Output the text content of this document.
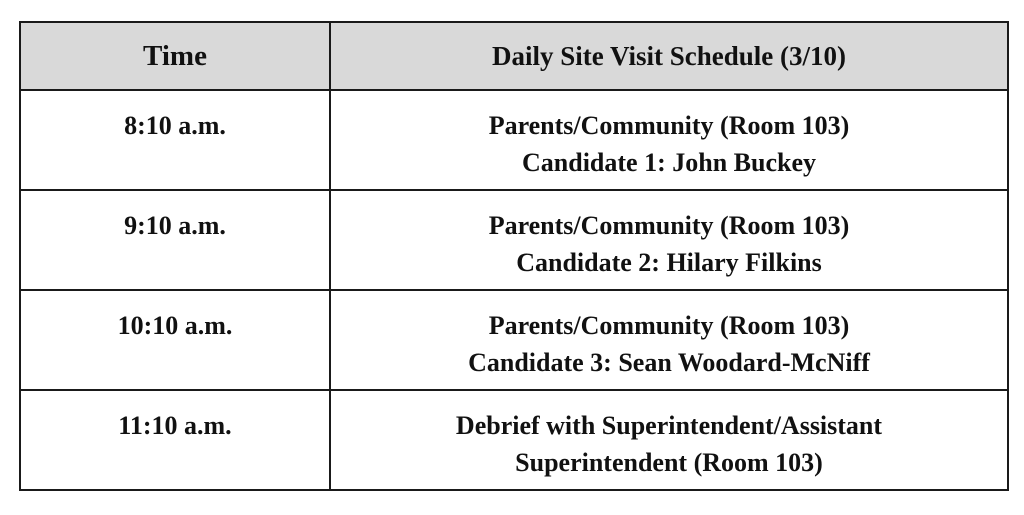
Time	Daily Site Visit Schedule (3/10)
8:10 a.m.	Parents/Community (Room 103)
Candidate 1: John Buckey

9:10 a.m.	Parents/Community (Room 103)
Candidate 2: Hilary Filkins

10:10 a.m.	Parents/Community (Room 103)
Candidate 3: Sean Woodard-McNiff

11:10 a.m.	Debrief with Superintendent/Assistant
Superintendent (Room 103)
